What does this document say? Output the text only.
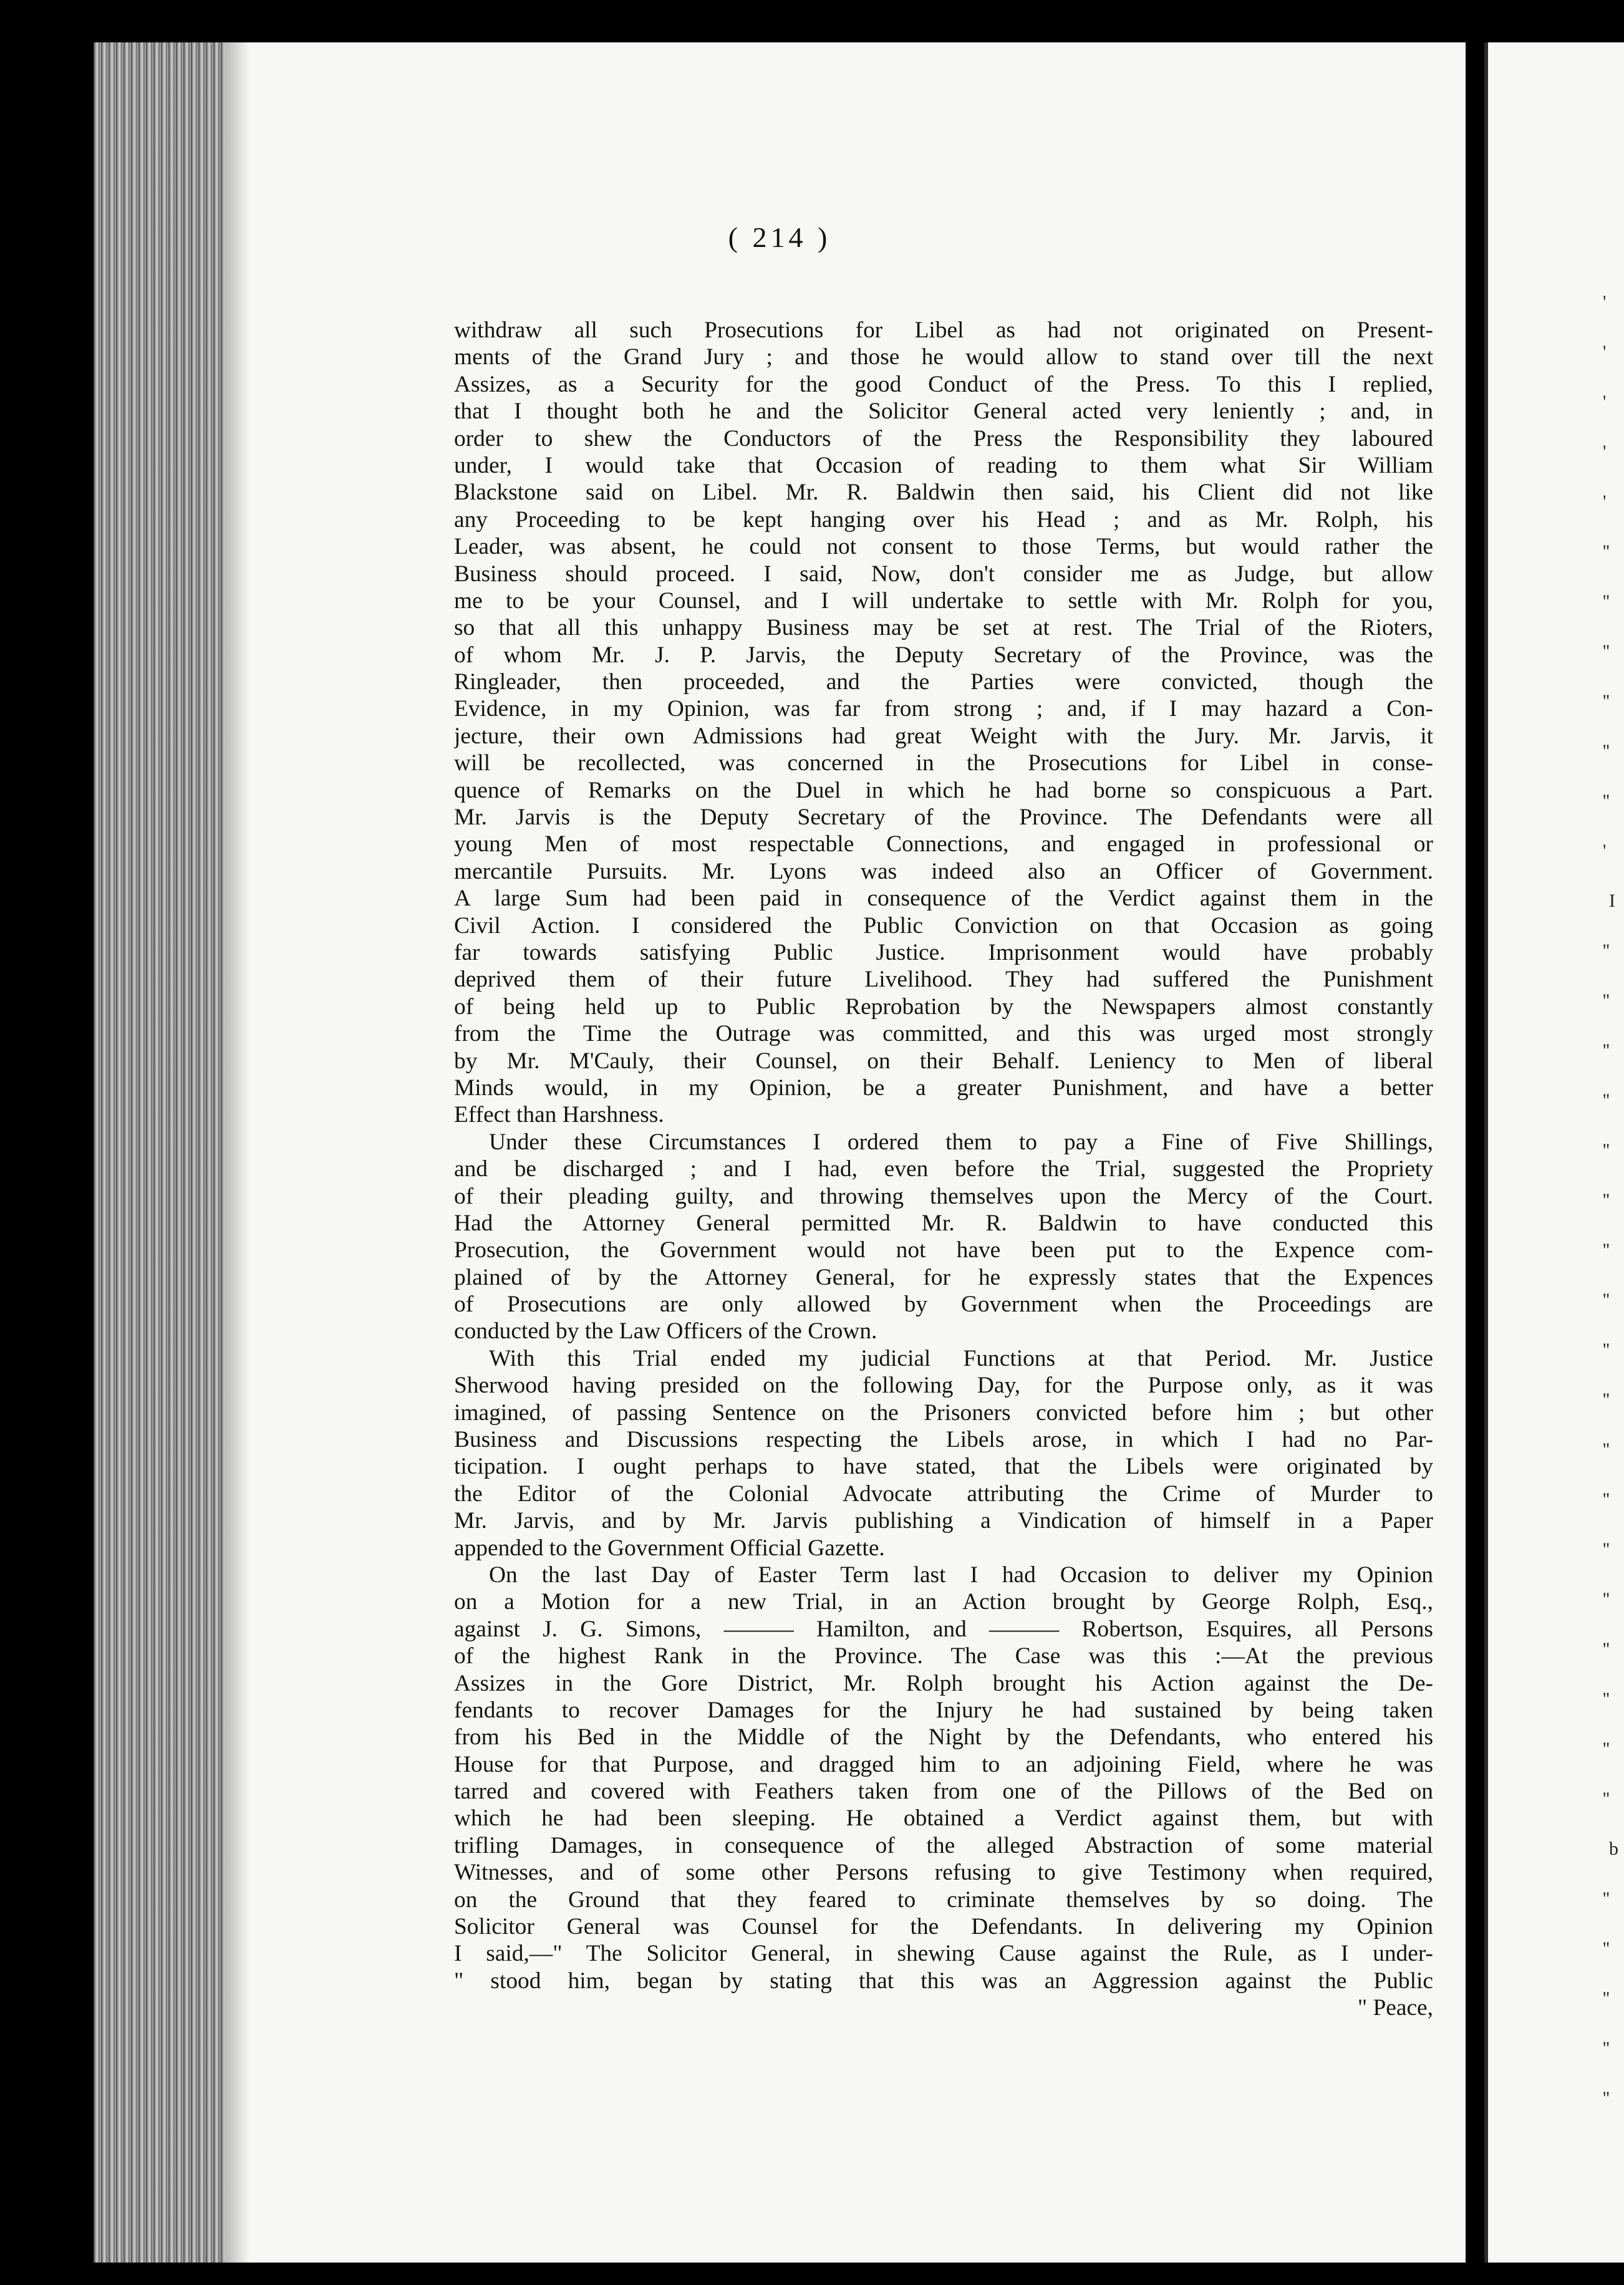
( 214 )
withdraw all such Prosecutions for Libel as had not originated on Present-
ments of the Grand Jury ; and those he would allow to stand over till the next
Assizes, as a Security for the good Conduct of the Press. To this I replied,
that I thought both he and the Solicitor General acted very leniently ; and, in
order to shew the Conductors of the Press the Responsibility they laboured
under, I would take that Occasion of reading to them what Sir William
Blackstone said on Libel. Mr. R. Baldwin then said, his Client did not like
any Proceeding to be kept hanging over his Head ; and as Mr. Rolph, his
Leader, was absent, he could not consent to those Terms, but would rather the
Business should proceed. I said, Now, don't consider me as Judge, but allow
me to be your Counsel, and I will undertake to settle with Mr. Rolph for you,
so that all this unhappy Business may be set at rest. The Trial of the Rioters,
of whom Mr. J. P. Jarvis, the Deputy Secretary of the Province, was the
Ringleader, then proceeded, and the Parties were convicted, though the
Evidence, in my Opinion, was far from strong ; and, if I may hazard a Con-
jecture, their own Admissions had great Weight with the Jury. Mr. Jarvis, it
will be recollected, was concerned in the Prosecutions for Libel in conse-
quence of Remarks on the Duel in which he had borne so conspicuous a Part.
Mr. Jarvis is the Deputy Secretary of the Province. The Defendants were all
young Men of most respectable Connections, and engaged in professional or
mercantile Pursuits. Mr. Lyons was indeed also an Officer of Government.
A large Sum had been paid in consequence of the Verdict against them in the
Civil Action. I considered the Public Conviction on that Occasion as going
far towards satisfying Public Justice. Imprisonment would have probably
deprived them of their future Livelihood. They had suffered the Punishment
of being held up to Public Reprobation by the Newspapers almost constantly
from the Time the Outrage was committed, and this was urged most strongly
by Mr. M'Cauly, their Counsel, on their Behalf. Leniency to Men of liberal
Minds would, in my Opinion, be a greater Punishment, and have a better
Effect than Harshness.
Under these Circumstances I ordered them to pay a Fine of Five Shillings,
and be discharged ; and I had, even before the Trial, suggested the Propriety
of their pleading guilty, and throwing themselves upon the Mercy of the Court.
Had the Attorney General permitted Mr. R. Baldwin to have conducted this
Prosecution, the Government would not have been put to the Expence com-
plained of by the Attorney General, for he expressly states that the Expences
of Prosecutions are only allowed by Government when the Proceedings are
conducted by the Law Officers of the Crown.
With this Trial ended my judicial Functions at that Period. Mr. Justice
Sherwood having presided on the following Day, for the Purpose only, as it was
imagined, of passing Sentence on the Prisoners convicted before him ; but other
Business and Discussions respecting the Libels arose, in which I had no Par-
ticipation. I ought perhaps to have stated, that the Libels were originated by
the Editor of the Colonial Advocate attributing the Crime of Murder to
Mr. Jarvis, and by Mr. Jarvis publishing a Vindication of himself in a Paper
appended to the Government Official Gazette.
On the last Day of Easter Term last I had Occasion to deliver my Opinion
on a Motion for a new Trial, in an Action brought by George Rolph, Esq.,
against J. G. Simons, ——— Hamilton, and ——— Robertson, Esquires, all Persons
of the highest Rank in the Province. The Case was this :—At the previous
Assizes in the Gore District, Mr. Rolph brought his Action against the De-
fendants to recover Damages for the Injury he had sustained by being taken
from his Bed in the Middle of the Night by the Defendants, who entered his
House for that Purpose, and dragged him to an adjoining Field, where he was
tarred and covered with Feathers taken from one of the Pillows of the Bed on
which he had been sleeping. He obtained a Verdict against them, but with
trifling Damages, in consequence of the alleged Abstraction of some material
Witnesses, and of some other Persons refusing to give Testimony when required,
on the Ground that they feared to criminate themselves by so doing. The
Solicitor General was Counsel for the Defendants. In delivering my Opinion
I said,—" The Solicitor General, in shewing Cause against the Rule, as I under-
" stood him, began by stating that this was an Aggression against the Public
" Peace,
'
'
'
'
'
''
''
''
''
''
''
'
I
''
''
''
''
''
''
''
''
''
''
''
''
''
''
''
''
''
''
b
''
''
''
''
''
